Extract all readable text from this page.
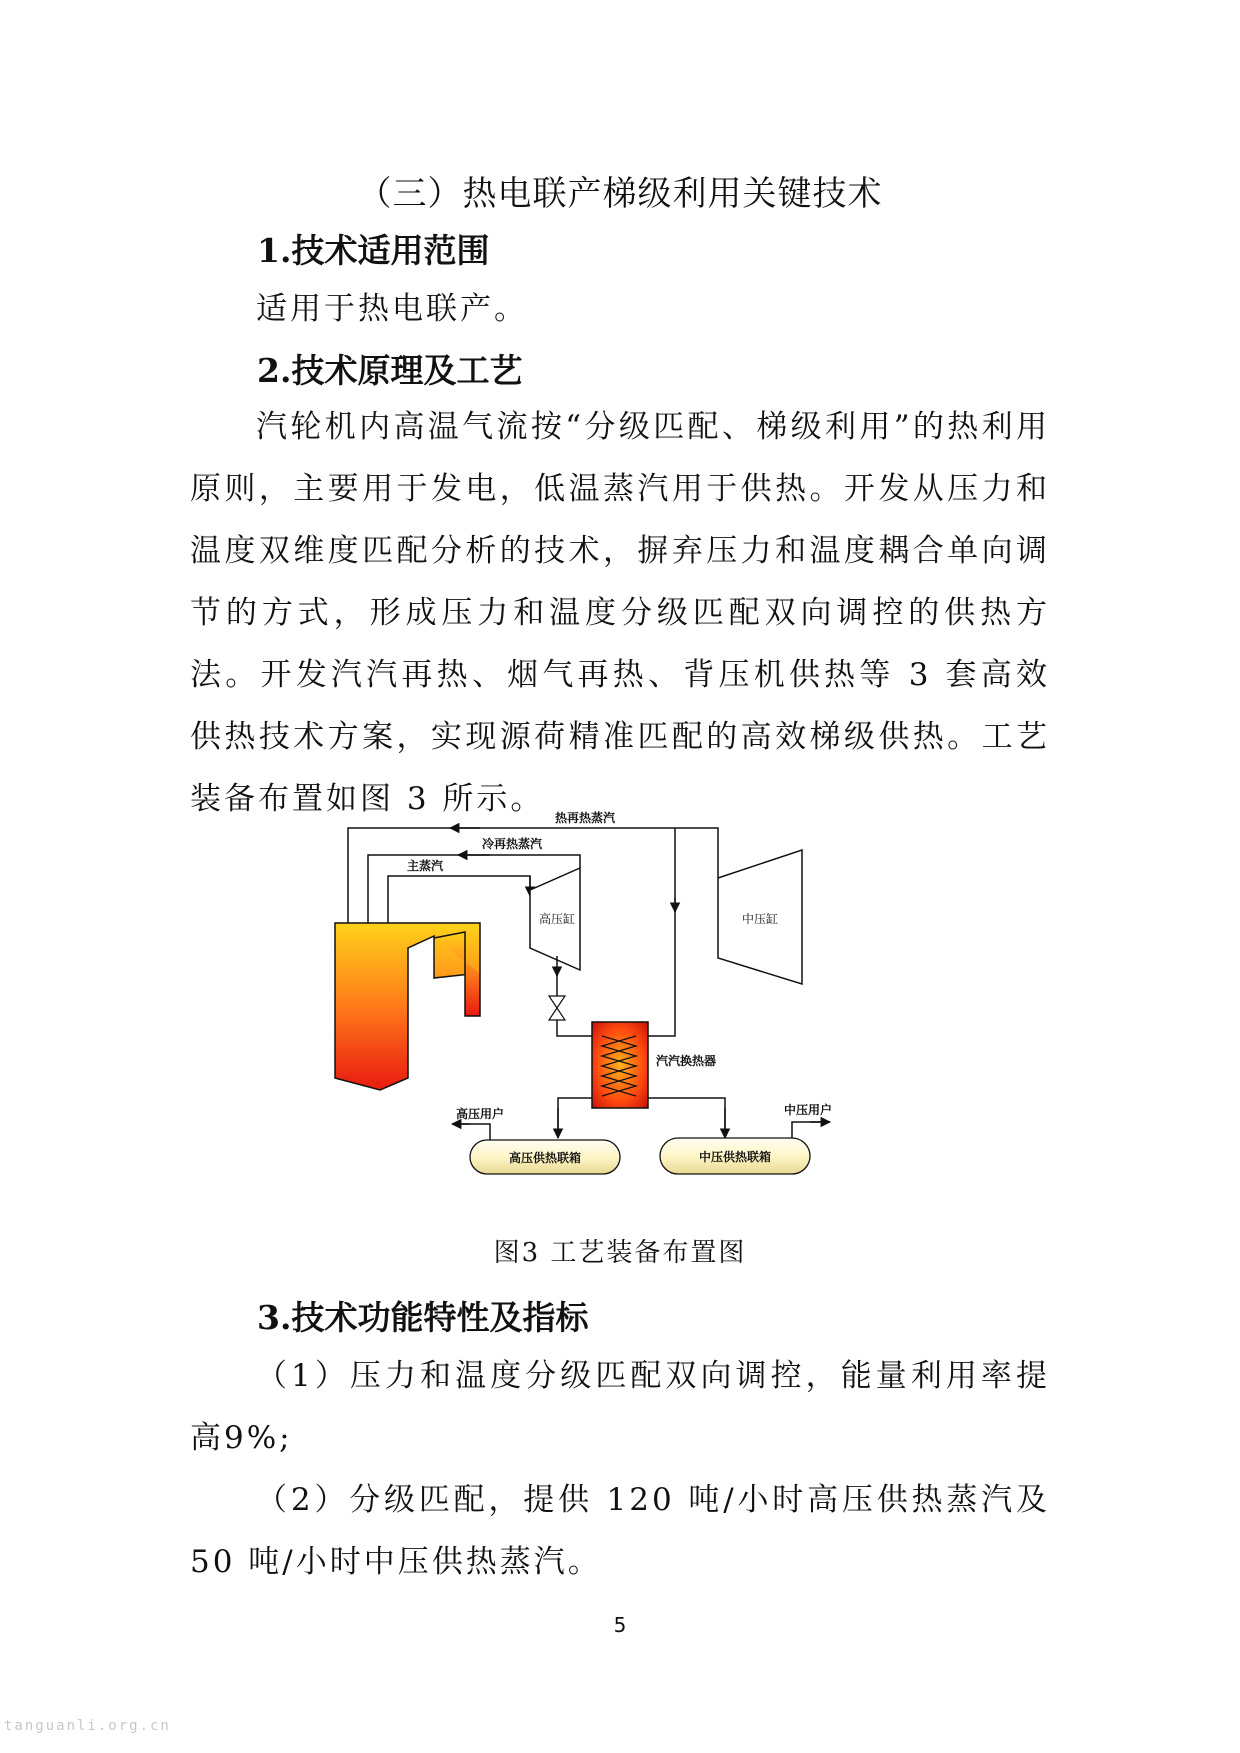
（三）热电联产梯级利用关键技术
1.技术适用范围

适用于热电联产。

2.技术原理及工艺

汽轮机内高温气流按“分级匹配、梯级利用”的热利用原则，主要用于发电，低温蒸汽用于供热。开发从压力和温度双维度匹配分析的技术，摒弃压力和温度耦合单向调节的方式，形成压力和温度分级匹配双向调控的供热方法。开发汽汽再热、烟气再热、背压机供热等 3 套高效供热技术方案，实现源荷精准匹配的高效梯级供热。工艺装备布置如图 3 所示。

热再热蒸汽
冷再热蒸汽
主蒸汽
高压缸	中压缸
汽汽换热器
高压供热联箱
高压用户
中压供热联箱
中压用户

图3 工艺装备布置图

3.技术功能特性及指标

（1）压力和温度分级匹配双向调控，能量利用率提高9%;

（2）分级匹配，提供 120 吨/小时高压供热蒸汽及 50 吨/小时中压供热蒸汽。

5
tanguanli.org.cn
